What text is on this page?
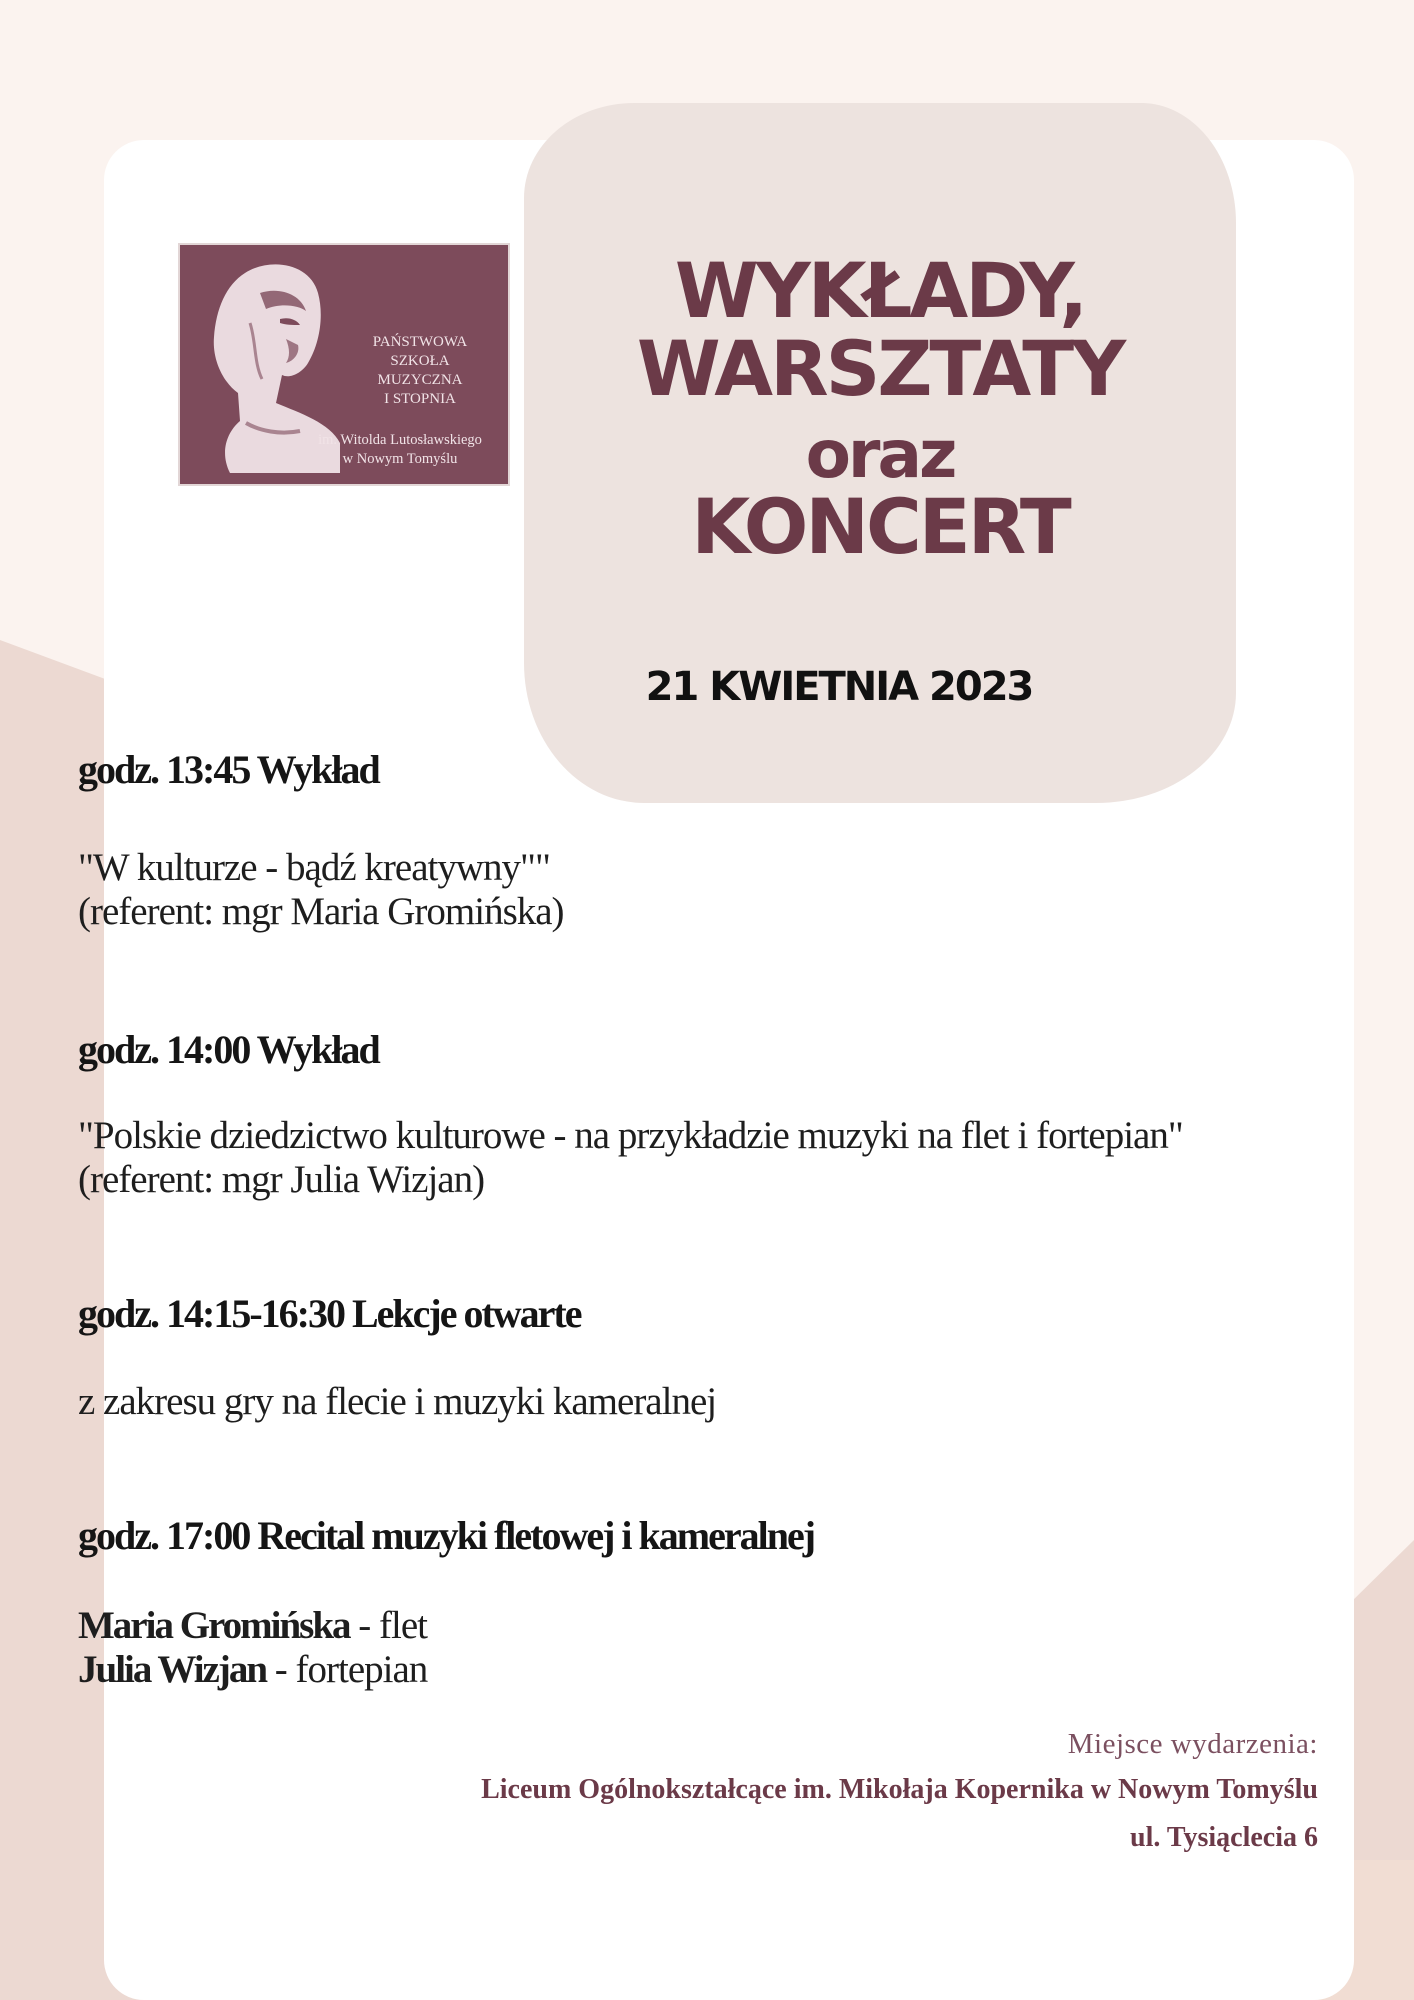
PAŃSTWOWA
SZKOŁA
MUZYCZNA
I STOPNIA
im. Witolda Lutosławskiego
w Nowym Tomyślu
WYKŁADY,
WARSZTATY
oraz
KONCERT
21 KWIETNIA 2023
godz. 13:45 Wykład
"W kulturze - bądź kreatywny""
(referent: mgr Maria Gromińska)
godz. 14:00 Wykład
"Polskie dziedzictwo kulturowe - na przykładzie muzyki na flet i fortepian"
(referent: mgr Julia Wizjan)
godz. 14:15-16:30 Lekcje otwarte
z zakresu gry na flecie i muzyki kameralnej
godz. 17:00 Recital muzyki fletowej i kameralnej
Maria Gromińska - flet
Julia Wizjan - fortepian
Miejsce wydarzenia:
Liceum Ogólnokształcące im. Mikołaja Kopernika w Nowym Tomyślu
ul. Tysiąclecia 6
